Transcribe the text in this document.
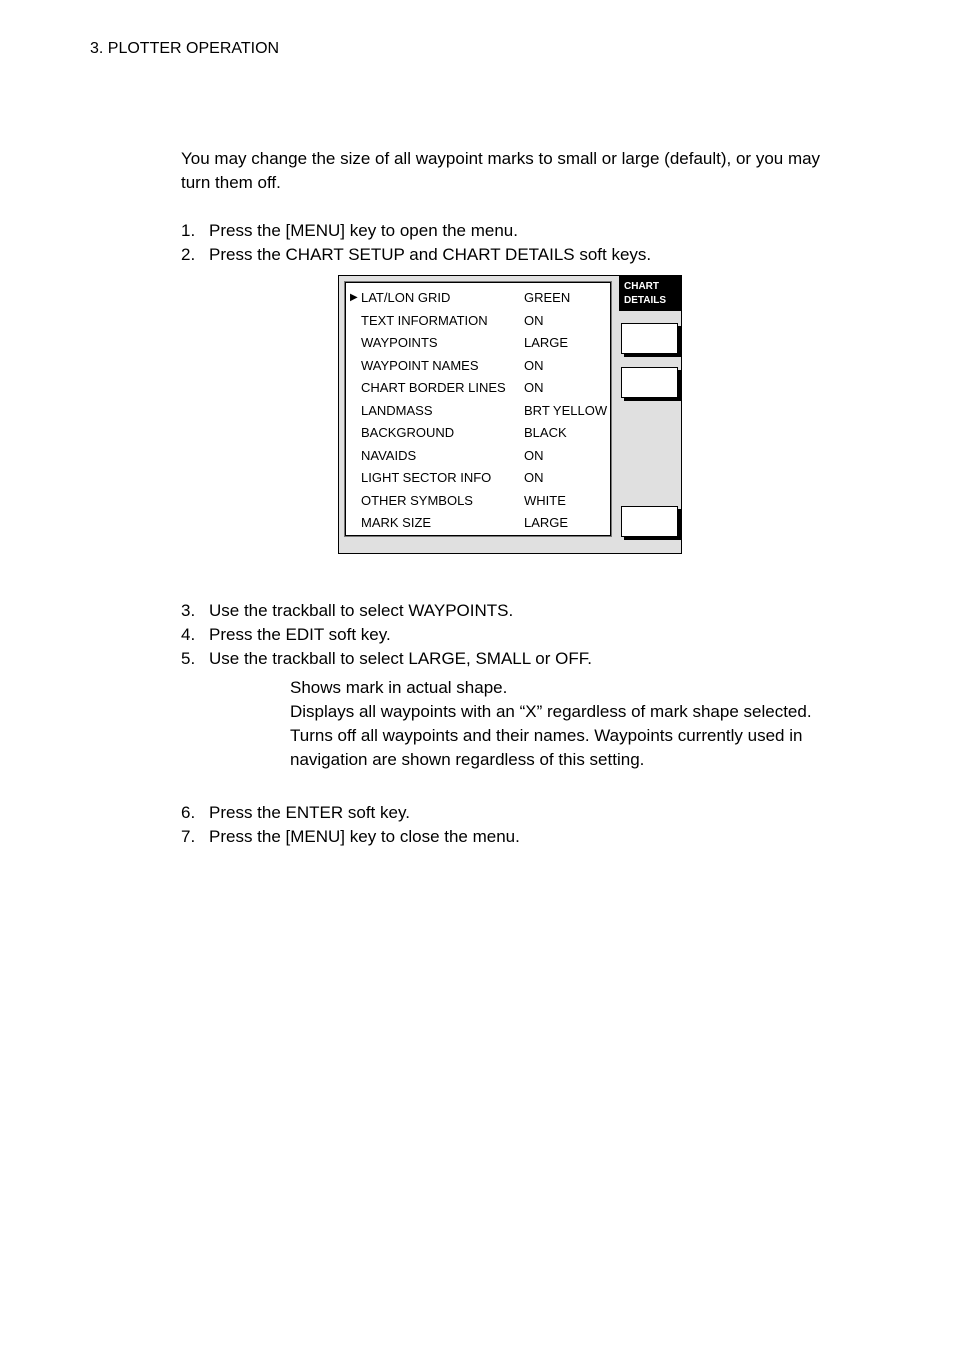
3. PLOTTER OPERATION
You may change the size of all waypoint marks to small or large (default), or you may turn them off.
1. Press the [MENU] key to open the menu.
2. Press the CHART SETUP and CHART DETAILS soft keys.
▶ LAT/LON GRID	GREEN
TEXT INFORMATION	ON
WAYPOINTS	LARGE
WAYPOINT NAMES	ON
CHART BORDER LINES ON
LANDMASS	BRT YELLOW
BACKGROUND	BLACK
NAVAIDS	ON
LIGHT SECTOR INFO	ON
OTHER SYMBOLS	WHITE
MARK SIZE	LARGE
CHART DETAILS
3. Use the trackball to select WAYPOINTS.
4. Press the EDIT soft key.
5. Use the trackball to select LARGE, SMALL or OFF.
Shows mark in actual shape.
Displays all waypoints with an “X” regardless of mark shape selected.
Turns off all waypoints and their names. Waypoints currently used in navigation are shown regardless of this setting.
6. Press the ENTER soft key.
7. Press the [MENU] key to close the menu.
